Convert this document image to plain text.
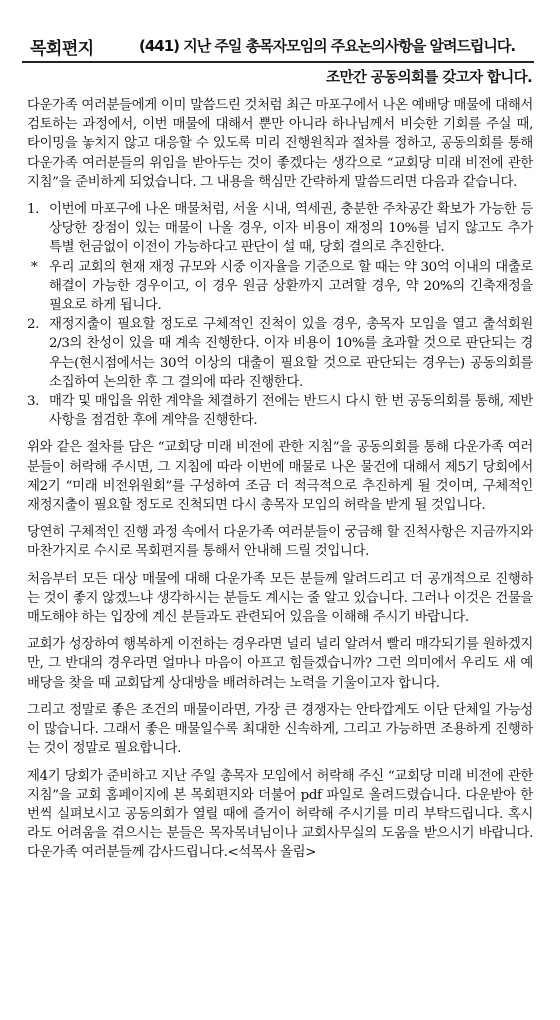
목회편지	(441) 지난 주일 총목자모임의 주요논의사항을 알려드립니다.
조만간 공동의회를 갖고자 합니다.

다운가족 여러분들에게 이미 말씀드린 것처럼 최근 마포구에서 나온 예배당 매물에 대해서 검토하는 과정에서, 이번 매물에 대해서 뿐만 아니라 하나님께서 비슷한 기회를 주실 때, 타이밍을 놓치지 않고 대응할 수 있도록 미리 진행원칙과 절차를 정하고, 공동의회를 통해 다운가족 여러분들의 위임을 받아두는 것이 좋겠다는 생각으로 “교회당 미래 비전에 관한 지침”을 준비하게 되었습니다. 그 내용을 핵심만 간략하게 말씀드리면 다음과 같습니다.

1. 이번에 마포구에 나온 매물처럼, 서울 시내, 역세권, 충분한 주차공간 확보가 가능한 등 상당한 장점이 있는 매물이 나올 경우, 이자 비용이 재정의 10%를 넘지 않고도 추가 특별 헌금없이 이전이 가능하다고 판단이 설 때, 당회 결의로 추진한다.
* 우리 교회의 현재 재정 규모와 시중 이자율을 기준으로 할 때는 약 30억 이내의 대출로 해결이 가능한 경우이고, 이 경우 원금 상환까지 고려할 경우, 약 20%의 긴축재정을 필요로 하게 됩니다.
2. 재정지출이 필요할 정도로 구체적인 진척이 있을 경우, 총목자 모임을 열고 출석회원 2/3의 찬성이 있을 때 계속 진행한다. 이자 비용이 10%를 초과할 것으로 판단되는 경우는(현시점에서는 30억 이상의 대출이 필요할 것으로 판단되는 경우는) 공동의회를 소집하여 논의한 후 그 결의에 따라 진행한다.
3. 매각 및 매입을 위한 계약을 체결하기 전에는 반드시 다시 한 번 공동의회를 통해, 제반 사항을 점검한 후에 계약을 진행한다.

위와 같은 절차를 담은 “교회당 미래 비전에 관한 지침”을 공동의회를 통해 다운가족 여러분들이 허락해 주시면, 그 지침에 따라 이번에 매물로 나온 물건에 대해서 제5기 당회에서 제2기 “미래 비전위원회”를 구성하여 조금 더 적극적으로 추진하게 될 것이며, 구체적인 재정지출이 필요할 정도로 진척되면 다시 총목자 모임의 허락을 받게 될 것입니다.

당연히 구체적인 진행 과정 속에서 다운가족 여러분들이 궁금해 할 진척사항은 지금까지와 마찬가지로 수시로 목회편지를 통해서 안내해 드릴 것입니다.

처음부터 모든 대상 매물에 대해 다운가족 모든 분들께 알려드리고 더 공개적으로 진행하는 것이 좋지 않겠느냐 생각하시는 분들도 계시는 줄 알고 있습니다. 그러나 이것은 건물을 매도해야 하는 입장에 계신 분들과도 관련되어 있음을 이해해 주시기 바랍니다.

교회가 성장하여 행복하게 이전하는 경우라면 널리 널리 알려서 빨리 매각되기를 원하겠지만, 그 반대의 경우라면 얼마나 마음이 아프고 힘들겠습니까? 그런 의미에서 우리도 새 예배당을 찾을 때 교회답게 상대방을 배려하려는 노력을 기울이고자 합니다.

그리고 정말로 좋은 조건의 매물이라면, 가장 큰 경쟁자는 안타깝게도 이단 단체일 가능성이 많습니다. 그래서 좋은 매물일수록 최대한 신속하게, 그리고 가능하면 조용하게 진행하는 것이 정말로 필요합니다.

제4기 당회가 준비하고 지난 주일 총목자 모임에서 허락해 주신 “교회당 미래 비전에 관한 지침”을 교회 홈페이지에 본 목회편지와 더불어 pdf 파일로 올려드렸습니다. 다운받아 한 번씩 실펴보시고 공동의회가 열릴 때에 즐거이 허락해 주시기를 미리 부탁드립니다. 혹시라도 어려움을 겪으시는 분들은 목자목녀님이나 교회사무실의 도움을 받으시기 바랍니다. 다운가족 여러분들께 감사드립니다.<석목사 올림>
